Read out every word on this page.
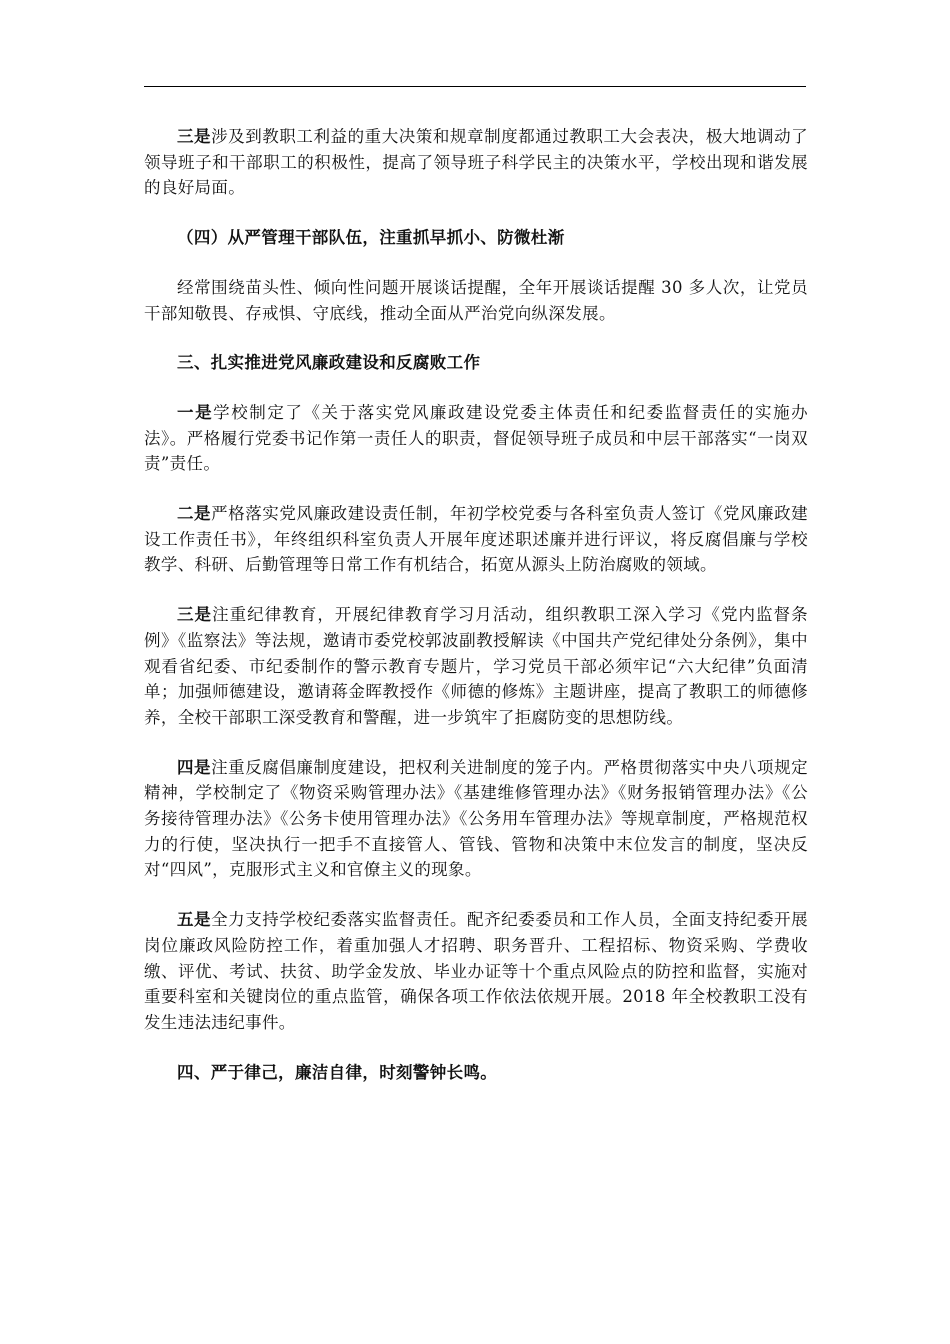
三是涉及到教职工利益的重大决策和规章制度都通过教职工大会表决，极大地调动了领导班子和干部职工的积极性，提高了领导班子科学民主的决策水平，学校出现和谐发展的良好局面。

（四）从严管理干部队伍，注重抓早抓小、防微杜渐

经常围绕苗头性、倾向性问题开展谈话提醒，全年开展谈话提醒 30 多人次，让党员干部知敬畏、存戒惧、守底线，推动全面从严治党向纵深发展。

三、扎实推进党风廉政建设和反腐败工作

一是学校制定了《关于落实党风廉政建设党委主体责任和纪委监督责任的实施办法》。严格履行党委书记作第一责任人的职责，督促领导班子成员和中层干部落实“一岗双责”责任。

二是严格落实党风廉政建设责任制，年初学校党委与各科室负责人签订《党风廉政建设工作责任书》，年终组织科室负责人开展年度述职述廉并进行评议，将反腐倡廉与学校教学、科研、后勤管理等日常工作有机结合，拓宽从源头上防治腐败的领域。

三是注重纪律教育，开展纪律教育学习月活动，组织教职工深入学习《党内监督条例》《监察法》等法规，邀请市委党校郭波副教授解读《中国共产党纪律处分条例》，集中观看省纪委、市纪委制作的警示教育专题片，学习党员干部必须牢记“六大纪律”负面清单；加强师德建设，邀请蒋金晖教授作《师德的修炼》主题讲座，提高了教职工的师德修养，全校干部职工深受教育和警醒，进一步筑牢了拒腐防变的思想防线。

四是注重反腐倡廉制度建设，把权利关进制度的笼子内。严格贯彻落实中央八项规定精神，学校制定了《物资采购管理办法》《基建维修管理办法》《财务报销管理办法》《公务接待管理办法》《公务卡使用管理办法》《公务用车管理办法》等规章制度，严格规范权力的行使，坚决执行一把手不直接管人、管钱、管物和决策中末位发言的制度，坚决反对“四风”，克服形式主义和官僚主义的现象。

五是全力支持学校纪委落实监督责任。配齐纪委委员和工作人员，全面支持纪委开展岗位廉政风险防控工作，着重加强人才招聘、职务晋升、工程招标、物资采购、学费收缴、评优、考试、扶贫、助学金发放、毕业办证等十个重点风险点的防控和监督，实施对重要科室和关键岗位的重点监管，确保各项工作依法依规开展。2018 年全校教职工没有发生违法违纪事件。

四、严于律己，廉洁自律，时刻警钟长鸣。
